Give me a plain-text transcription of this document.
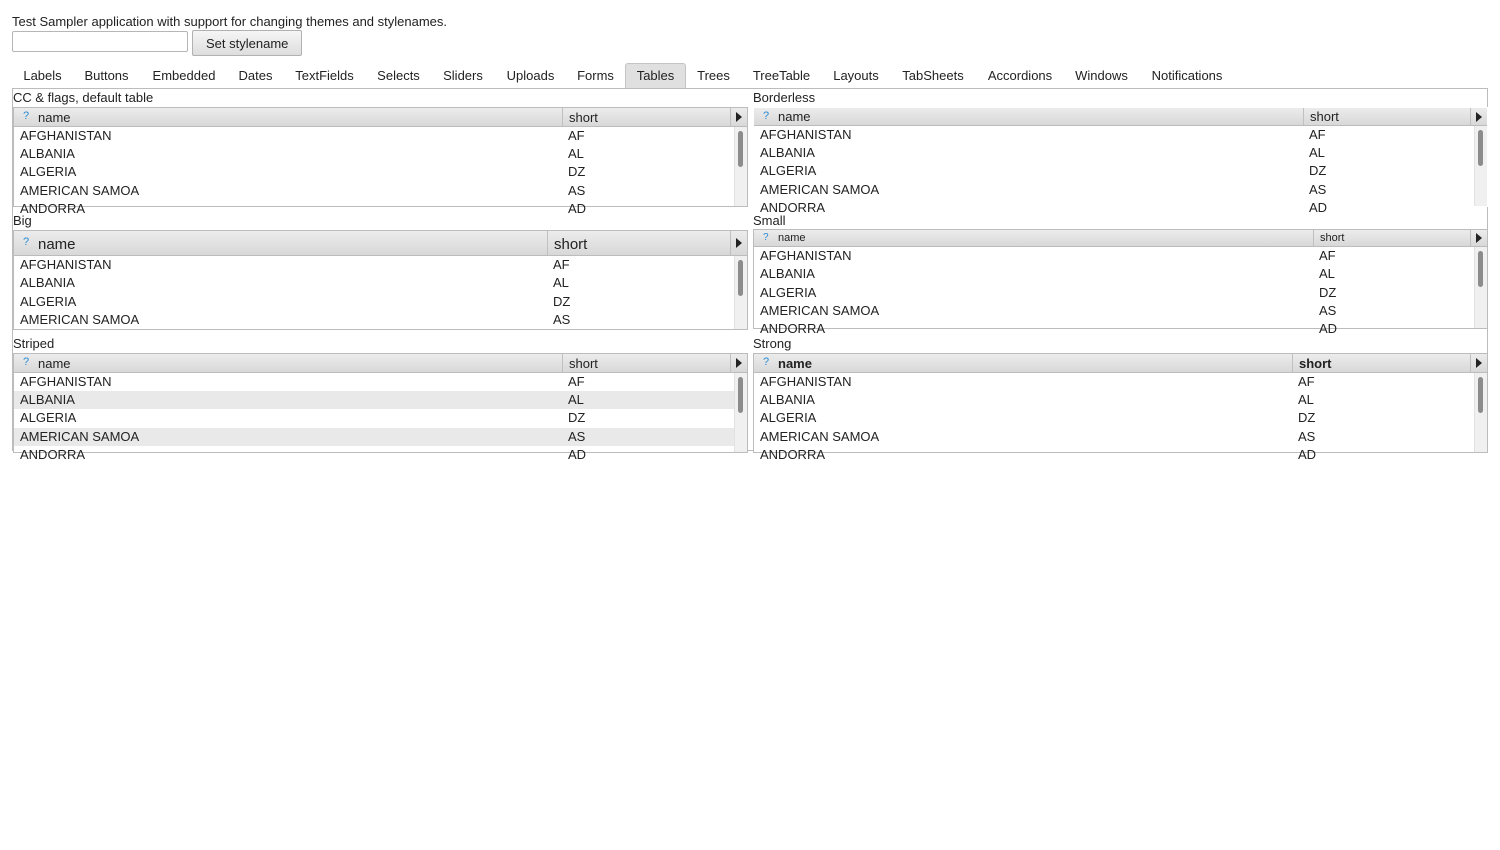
Test Sampler application with support for changing themes and stylenames.
Set stylename
Labels	Buttons	Embedded	Dates	TextFields	Selects	Sliders	Uploads	Forms	Tables	Trees	TreeTable	Layouts	TabSheets	Accordions	Windows	Notifications
CC & flags, default table
? name	short
AFGHANISTAN	AF
ALBANIA	AL
ALGERIA	DZ
AMERICAN SAMOA	AS
ANDORRA	AD
Borderless
? name	short
AFGHANISTAN	AF
ALBANIA	AL
ALGERIA	DZ
AMERICAN SAMOA	AS
ANDORRA	AD
Big
? name	short
AFGHANISTAN	AF
ALBANIA	AL
ALGERIA	DZ
AMERICAN SAMOA	AS
Small
? name	short
AFGHANISTAN	AF
ALBANIA	AL
ALGERIA	DZ
AMERICAN SAMOA	AS
ANDORRA	AD
Striped
? name	short
AFGHANISTAN	AF
ALBANIA	AL
ALGERIA	DZ
AMERICAN SAMOA	AS
ANDORRA	AD
Strong
? name	short
AFGHANISTAN	AF
ALBANIA	AL
ALGERIA	DZ
AMERICAN SAMOA	AS
ANDORRA	AD
